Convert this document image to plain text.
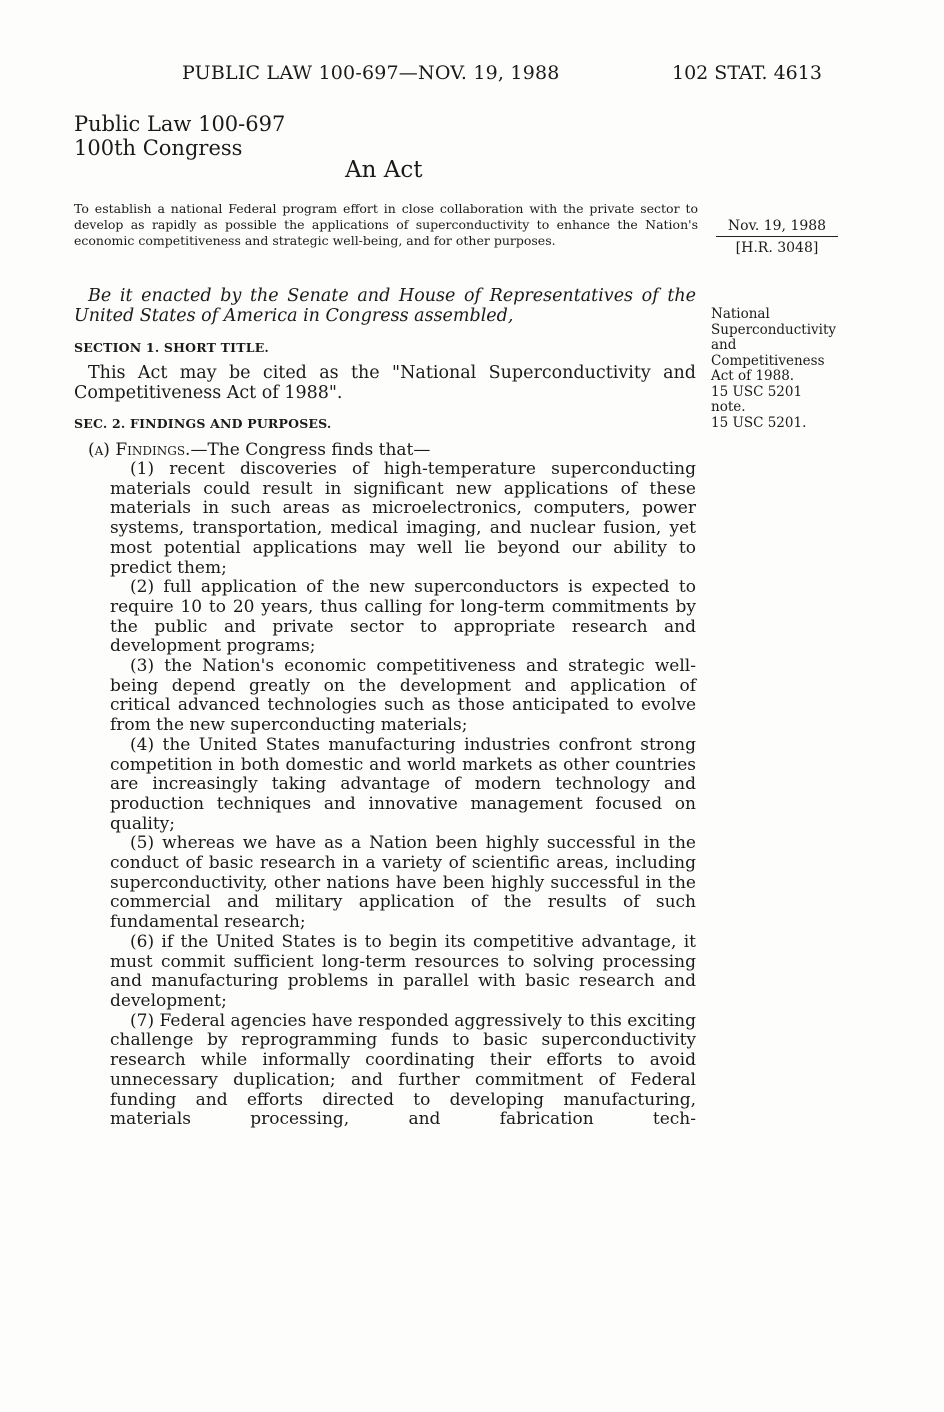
PUBLIC LAW 100-697—NOV. 19, 1988	102 STAT. 4613
Public Law 100-697
100th Congress
An Act
To establish a national Federal program effort in close collaboration with the private sector to develop as rapidly as possible the applications of superconductivity to enhance the Nation's economic competitiveness and strategic well-being, and for other purposes.
Nov. 19, 1988
[H.R. 3048]
Be it enacted by the Senate and House of Representatives of the United States of America in Congress assembled,	National
Superconductivity
and
Competitiveness
Act of 1988.
15 USC 5201
note.
15 USC 5201.
SECTION 1. SHORT TITLE.
This Act may be cited as the "National Superconductivity and Competitiveness Act of 1988".
SEC. 2. FINDINGS AND PURPOSES.
(a) Findings.—The Congress finds that—

(1) recent discoveries of high-temperature superconducting materials could result in significant new applications of these materials in such areas as microelectronics, computers, power systems, transportation, medical imaging, and nuclear fusion, yet most potential applications may well lie beyond our ability to predict them;

(2) full application of the new superconductors is expected to require 10 to 20 years, thus calling for long-term commitments by the public and private sector to appropriate research and development programs;

(3) the Nation's economic competitiveness and strategic well-being depend greatly on the development and application of critical advanced technologies such as those anticipated to evolve from the new superconducting materials;

(4) the United States manufacturing industries confront strong competition in both domestic and world markets as other countries are increasingly taking advantage of modern technology and production techniques and innovative management focused on quality;

(5) whereas we have as a Nation been highly successful in the conduct of basic research in a variety of scientific areas, including superconductivity, other nations have been highly successful in the commercial and military application of the results of such fundamental research;

(6) if the United States is to begin its competitive advantage, it must commit sufficient long-term resources to solving processing and manufacturing problems in parallel with basic research and development;

(7) Federal agencies have responded aggressively to this exciting challenge by reprogramming funds to basic superconductivity research while informally coordinating their efforts to avoid unnecessary duplication; and further commitment of Federal funding and efforts directed to developing manufacturing, materials processing, and fabrication tech-
